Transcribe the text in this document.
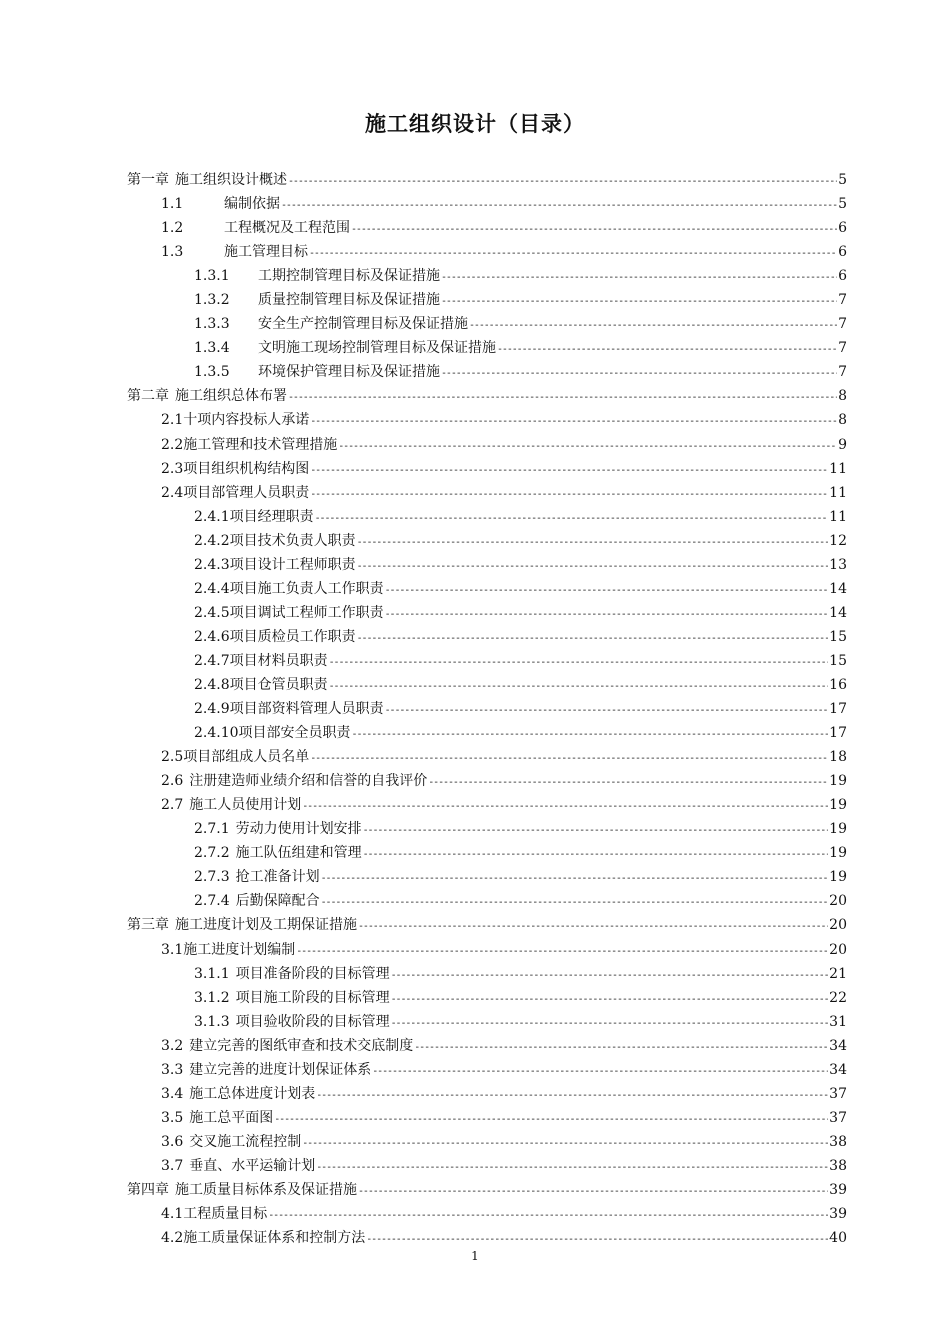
施工组织设计（目录）
第一章 施工组织设计概述 -----	5
1.1	编制依据 -----	5
1.2	工程概况及工程范围 -----	6
1.3	施工管理目标 -----	6
1.3.1	工期控制管理目标及保证措施 -----	6
1.3.2	质量控制管理目标及保证措施 -----	7
1.3.3	安全生产控制管理目标及保证措施 -----	7
1.3.4	文明施工现场控制管理目标及保证措施 -----	7
1.3.5	环境保护管理目标及保证措施 -----	7
第二章 施工组织总体布署 -----	8
2.1 十项内容投标人承诺 -----	8
2.2 施工管理和技术管理措施 -----	9
2.3 项目组织机构结构图 -----	11
2.4 项目部管理人员职责 -----	11
2.4.1 项目经理职责 -----	11
2.4.2 项目技术负责人职责 -----	12
2.4.3 项目设计工程师职责 -----	13
2.4.4 项目施工负责人工作职责 -----	14
2.4.5 项目调试工程师工作职责 -----	14
2.4.6 项目质检员工作职责 -----	15
2.4.7 项目材料员职责 -----	15
2.4.8 项目仓管员职责 -----	16
2.4.9 项目部资料管理人员职责 -----	17
2.4.10 项目部安全员职责 -----	17
2.5 项目部组成人员名单 -----	18
2.6 注册建造师业绩介绍和信誉的自我评价 -----	19
2.7 施工人员使用计划 -----	19
2.7.1 劳动力使用计划安排 -----	19
2.7.2 施工队伍组建和管理 -----	19
2.7.3 抢工准备计划 -----	19
2.7.4 后勤保障配合 -----	20
第三章 施工进度计划及工期保证措施 -----	20
3.1 施工进度计划编制 -----	20
3.1.1 项目准备阶段的目标管理 -----	21
3.1.2 项目施工阶段的目标管理 -----	22
3.1.3 项目验收阶段的目标管理 -----	31
3.2 建立完善的图纸审查和技术交底制度 -----	34
3.3 建立完善的进度计划保证体系 -----	34
3.4 施工总体进度计划表 -----	37
3.5 施工总平面图 -----	37
3.6 交叉施工流程控制 -----	38
3.7 垂直、水平运输计划 -----	38
第四章 施工质量目标体系及保证措施 -----	39
4.1 工程质量目标 -----	39
4.2 施工质量保证体系和控制方法 -----	40
1
